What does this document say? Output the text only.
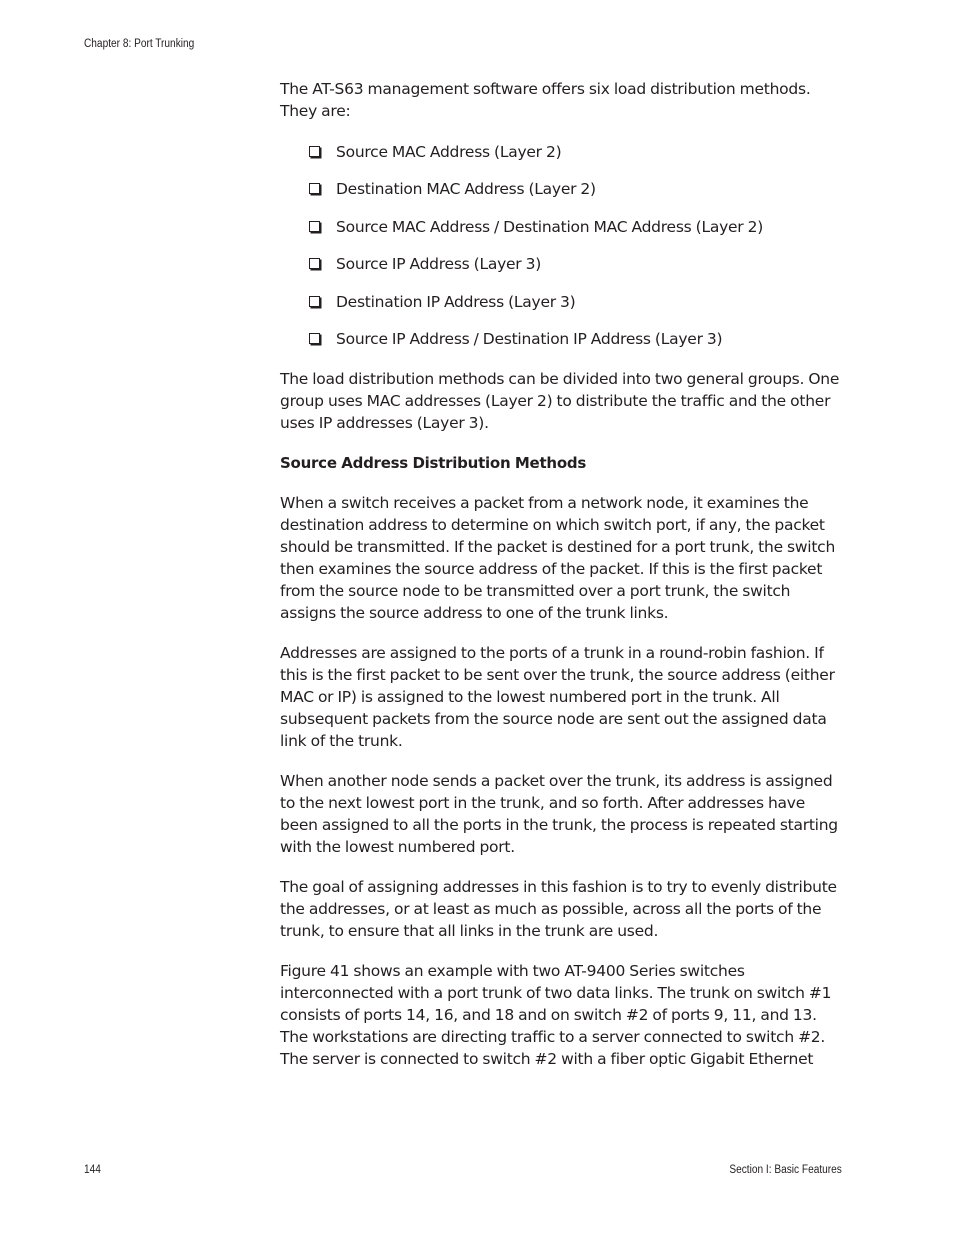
Chapter 8: Port Trunking

The AT-S63 management software offers six load distribution methods. They are:

Source MAC Address (Layer 2)
Destination MAC Address (Layer 2)
Source MAC Address / Destination MAC Address (Layer 2)
Source IP Address (Layer 3)
Destination IP Address (Layer 3)
Source IP Address / Destination IP Address (Layer 3)

The load distribution methods can be divided into two general groups. One group uses MAC addresses (Layer 2) to distribute the traffic and the other uses IP addresses (Layer 3).

Source Address Distribution Methods

When a switch receives a packet from a network node, it examines the destination address to determine on which switch port, if any, the packet should be transmitted. If the packet is destined for a port trunk, the switch then examines the source address of the packet. If this is the first packet from the source node to be transmitted over a port trunk, the switch assigns the source address to one of the trunk links.

Addresses are assigned to the ports of a trunk in a round-robin fashion. If this is the first packet to be sent over the trunk, the source address (either MAC or IP) is assigned to the lowest numbered port in the trunk. All subsequent packets from the source node are sent out the assigned data link of the trunk.

When another node sends a packet over the trunk, its address is assigned to the next lowest port in the trunk, and so forth. After addresses have been assigned to all the ports in the trunk, the process is repeated starting with the lowest numbered port.

The goal of assigning addresses in this fashion is to try to evenly distribute the addresses, or at least as much as possible, across all the ports of the trunk, to ensure that all links in the trunk are used.

Figure 41 shows an example with two AT-9400 Series switches interconnected with a port trunk of two data links. The trunk on switch #1 consists of ports 14, 16, and 18 and on switch #2 of ports 9, 11, and 13. The workstations are directing traffic to a server connected to switch #2. The server is connected to switch #2 with a fiber optic Gigabit Ethernet

144	Section I: Basic Features
